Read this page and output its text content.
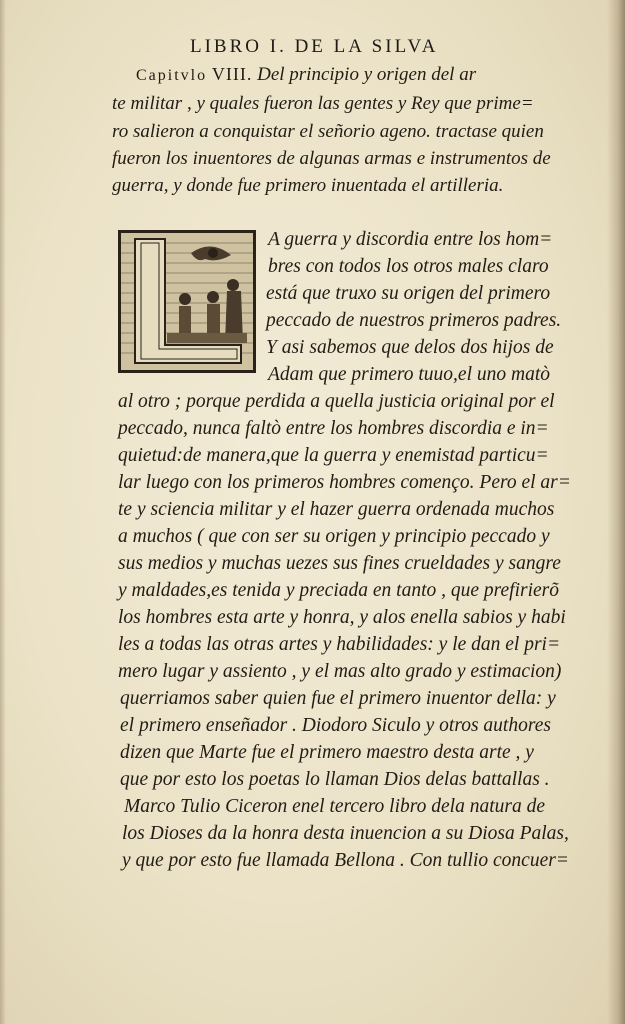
LIBRO I. DE LA SILVA
Capitvlo VIII. Del principio y origen del ar
te militar , y quales fueron las gentes y Rey que prime=
ro salieron a conquistar el señorio ageno. tractase quien
fueron los inuentores de algunas armas e instrumentos de
guerra, y donde fue primero inuentada el artilleria.
A guerra y discordia entre los hom=
bres con todos los otros males claro
está que truxo su origen del primero
peccado de nuestros primeros padres.
Y asi sabemos que delos dos hijos de
Adam que primero tuuo,el uno matò
al otro ; porque perdida a quella justicia original por el
peccado, nunca faltò entre los hombres discordia e in=
quietud:de manera,que la guerra y enemistad particu=
lar luego con los primeros hombres començo. Pero el ar=
te y sciencia militar y el hazer guerra ordenada muchos
a muchos ( que con ser su origen y principio peccado y
sus medios y muchas uezes sus fines crueldades y sangre
y maldades,es tenida y preciada en tanto , que prefirierõ
los hombres esta arte y honra, y alos enella sabios y habi
les a todas las otras artes y habilidades: y le dan el pri=
mero lugar y assiento , y el mas alto grado y estimacion)
querriamos saber quien fue el primero inuentor della: y
el primero enseñador . Diodoro Siculo y otros authores
dizen que Marte fue el primero maestro desta arte , y
que por esto los poetas lo llaman Dios delas battallas .
Marco Tulio Ciceron enel tercero libro dela natura de
los Dioses da la honra desta inuencion a su Diosa Palas,
y que por esto fue llamada Bellona . Con tullio concuer=
